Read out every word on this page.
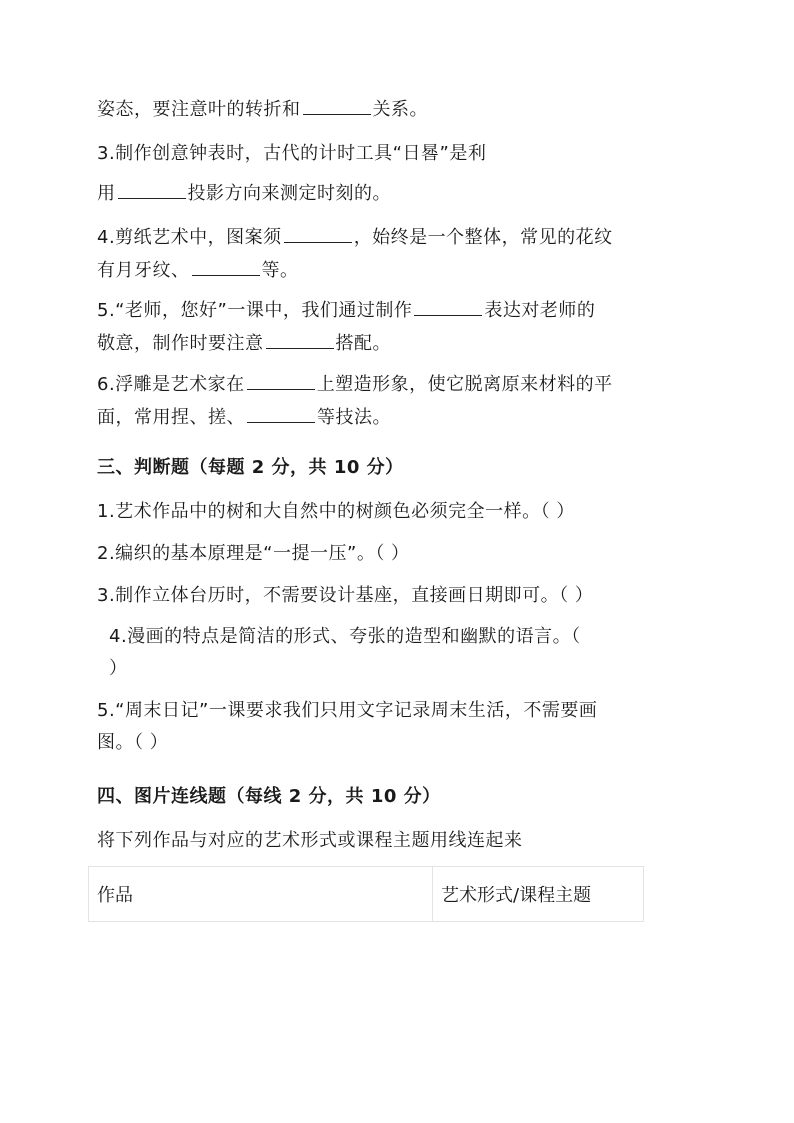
姿态，要注意叶的转折和	关系。
3.制作创意钟表时，古代的计时工具“日晷”是利
用	投影方向来测定时刻的。
4.剪纸艺术中，图案须	，始终是一个整体，常见的花纹
有月牙纹、	等。
5.“老师，您好”一课中，我们通过制作	表达对老师的
敬意，制作时要注意	搭配。
6.浮雕是艺术家在	上塑造形象，使它脱离原来材料的平
面，常用捏、搓、	等技法。
三、判断题（每题 2 分，共 10 分）
1.艺术作品中的树和大自然中的树颜色必须完全一样。（ ）
2.编织的基本原理是“一提一压”。（ ）
3.制作立体台历时，不需要设计基座，直接画日期即可。（ ）
4.漫画的特点是简洁的形式、夸张的造型和幽默的语言。（
）
5.“周末日记”一课要求我们只用文字记录周末生活，不需要画
图。（ ）
四、图片连线题（每线 2 分，共 10 分）
将下列作品与对应的艺术形式或课程主题用线连起来
作品	艺术形式/课程主题
